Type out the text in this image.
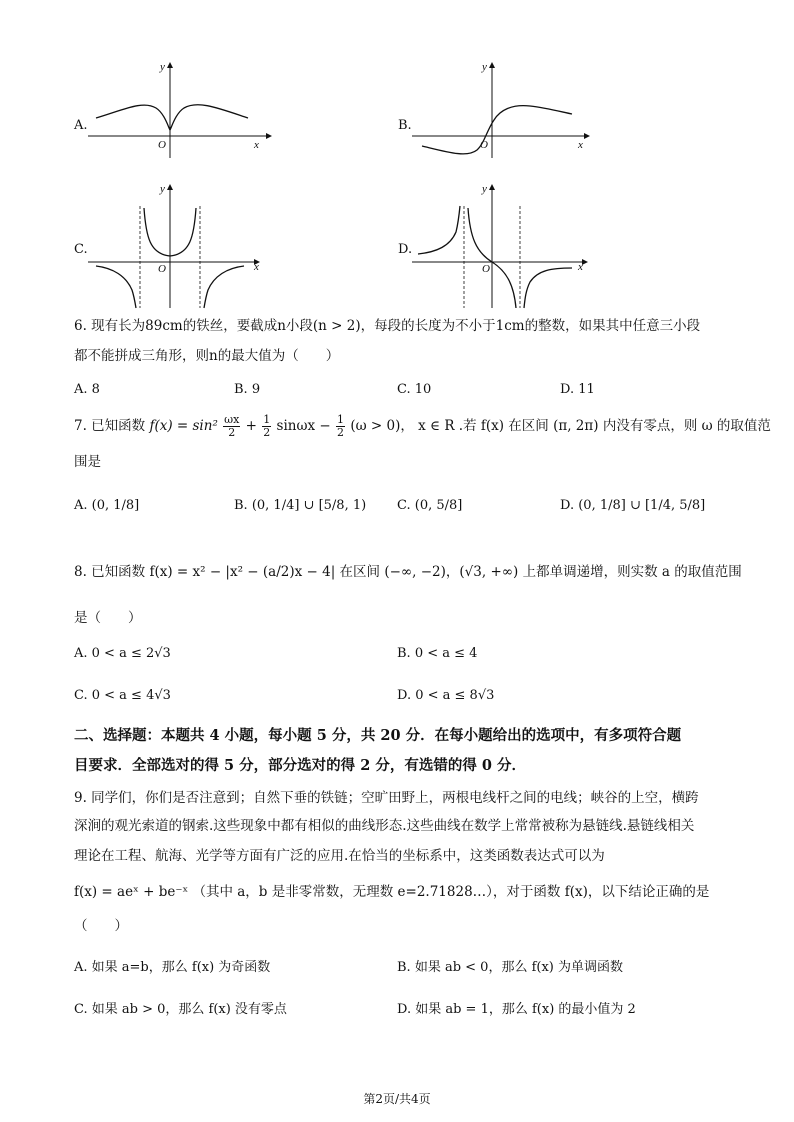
A.
y
x
O
B.
y
x
O
C.
y
x
O
D.
y
x
O
6. 现有长为89cm的铁丝，要截成n小段(n > 2)，每段的长度为不小于1cm的整数，如果其中任意三小段
都不能拼成三角形，则n的最大值为（　　）
A. 8	B. 9	C. 10	D. 11
7. 已知函数 $f(x) = \sin^2 \frac{\omega x}{2} + \frac{1}{2}$ $\sin\omega x - \frac{1}{2} (\omega > 0)$， x ∈ R .若 f(x) 在区间 (π, 2π) 内没有零点，则 ω 的取值范
围是
A. (0, 1/8]	B. (0, 1/4] ∪ [5/8, 1) C. (0, 5/8]	D. (0, 1/8] ∪ [1/4, 5/8]
8. 已知函数 f(x) = x² − |x² − (a/2)x − 4| 在区间 (−∞, −2)，(√3, +∞) 上都单调递增，则实数 a 的取值范围
是（　　）
A. 0 < a ≤ 2√3	B. 0 < a ≤ 4
C. 0 < a ≤ 4√3	D. 0 < a ≤ 8√3
二、选择题：本题共 4 小题，每小题 5 分，共 20 分．在每小题给出的选项中，有多项符合题
目要求．全部选对的得 5 分，部分选对的得 2 分，有选错的得 0 分．
9. 同学们，你们是否注意到；自然下垂的铁链；空旷田野上，两根电线杆之间的电线；峡谷的上空，横跨
深涧的观光索道的钢索.这些现象中都有相似的曲线形态.这些曲线在数学上常常被称为悬链线.悬链线相关
理论在工程、航海、光学等方面有广泛的应用.在恰当的坐标系中，这类函数表达式可以为
f(x) = aeˣ + be⁻ˣ （其中 a，b 是非零常数，无理数 e=2.71828…），对于函数 f(x)，以下结论正确的是
（　　）
A. 如果 a=b，那么 f(x) 为奇函数	B. 如果 ab < 0，那么 f(x) 为单调函数
C. 如果 ab > 0，那么 f(x) 没有零点	D. 如果 ab = 1，那么 f(x) 的最小值为 2
第2页/共4页
